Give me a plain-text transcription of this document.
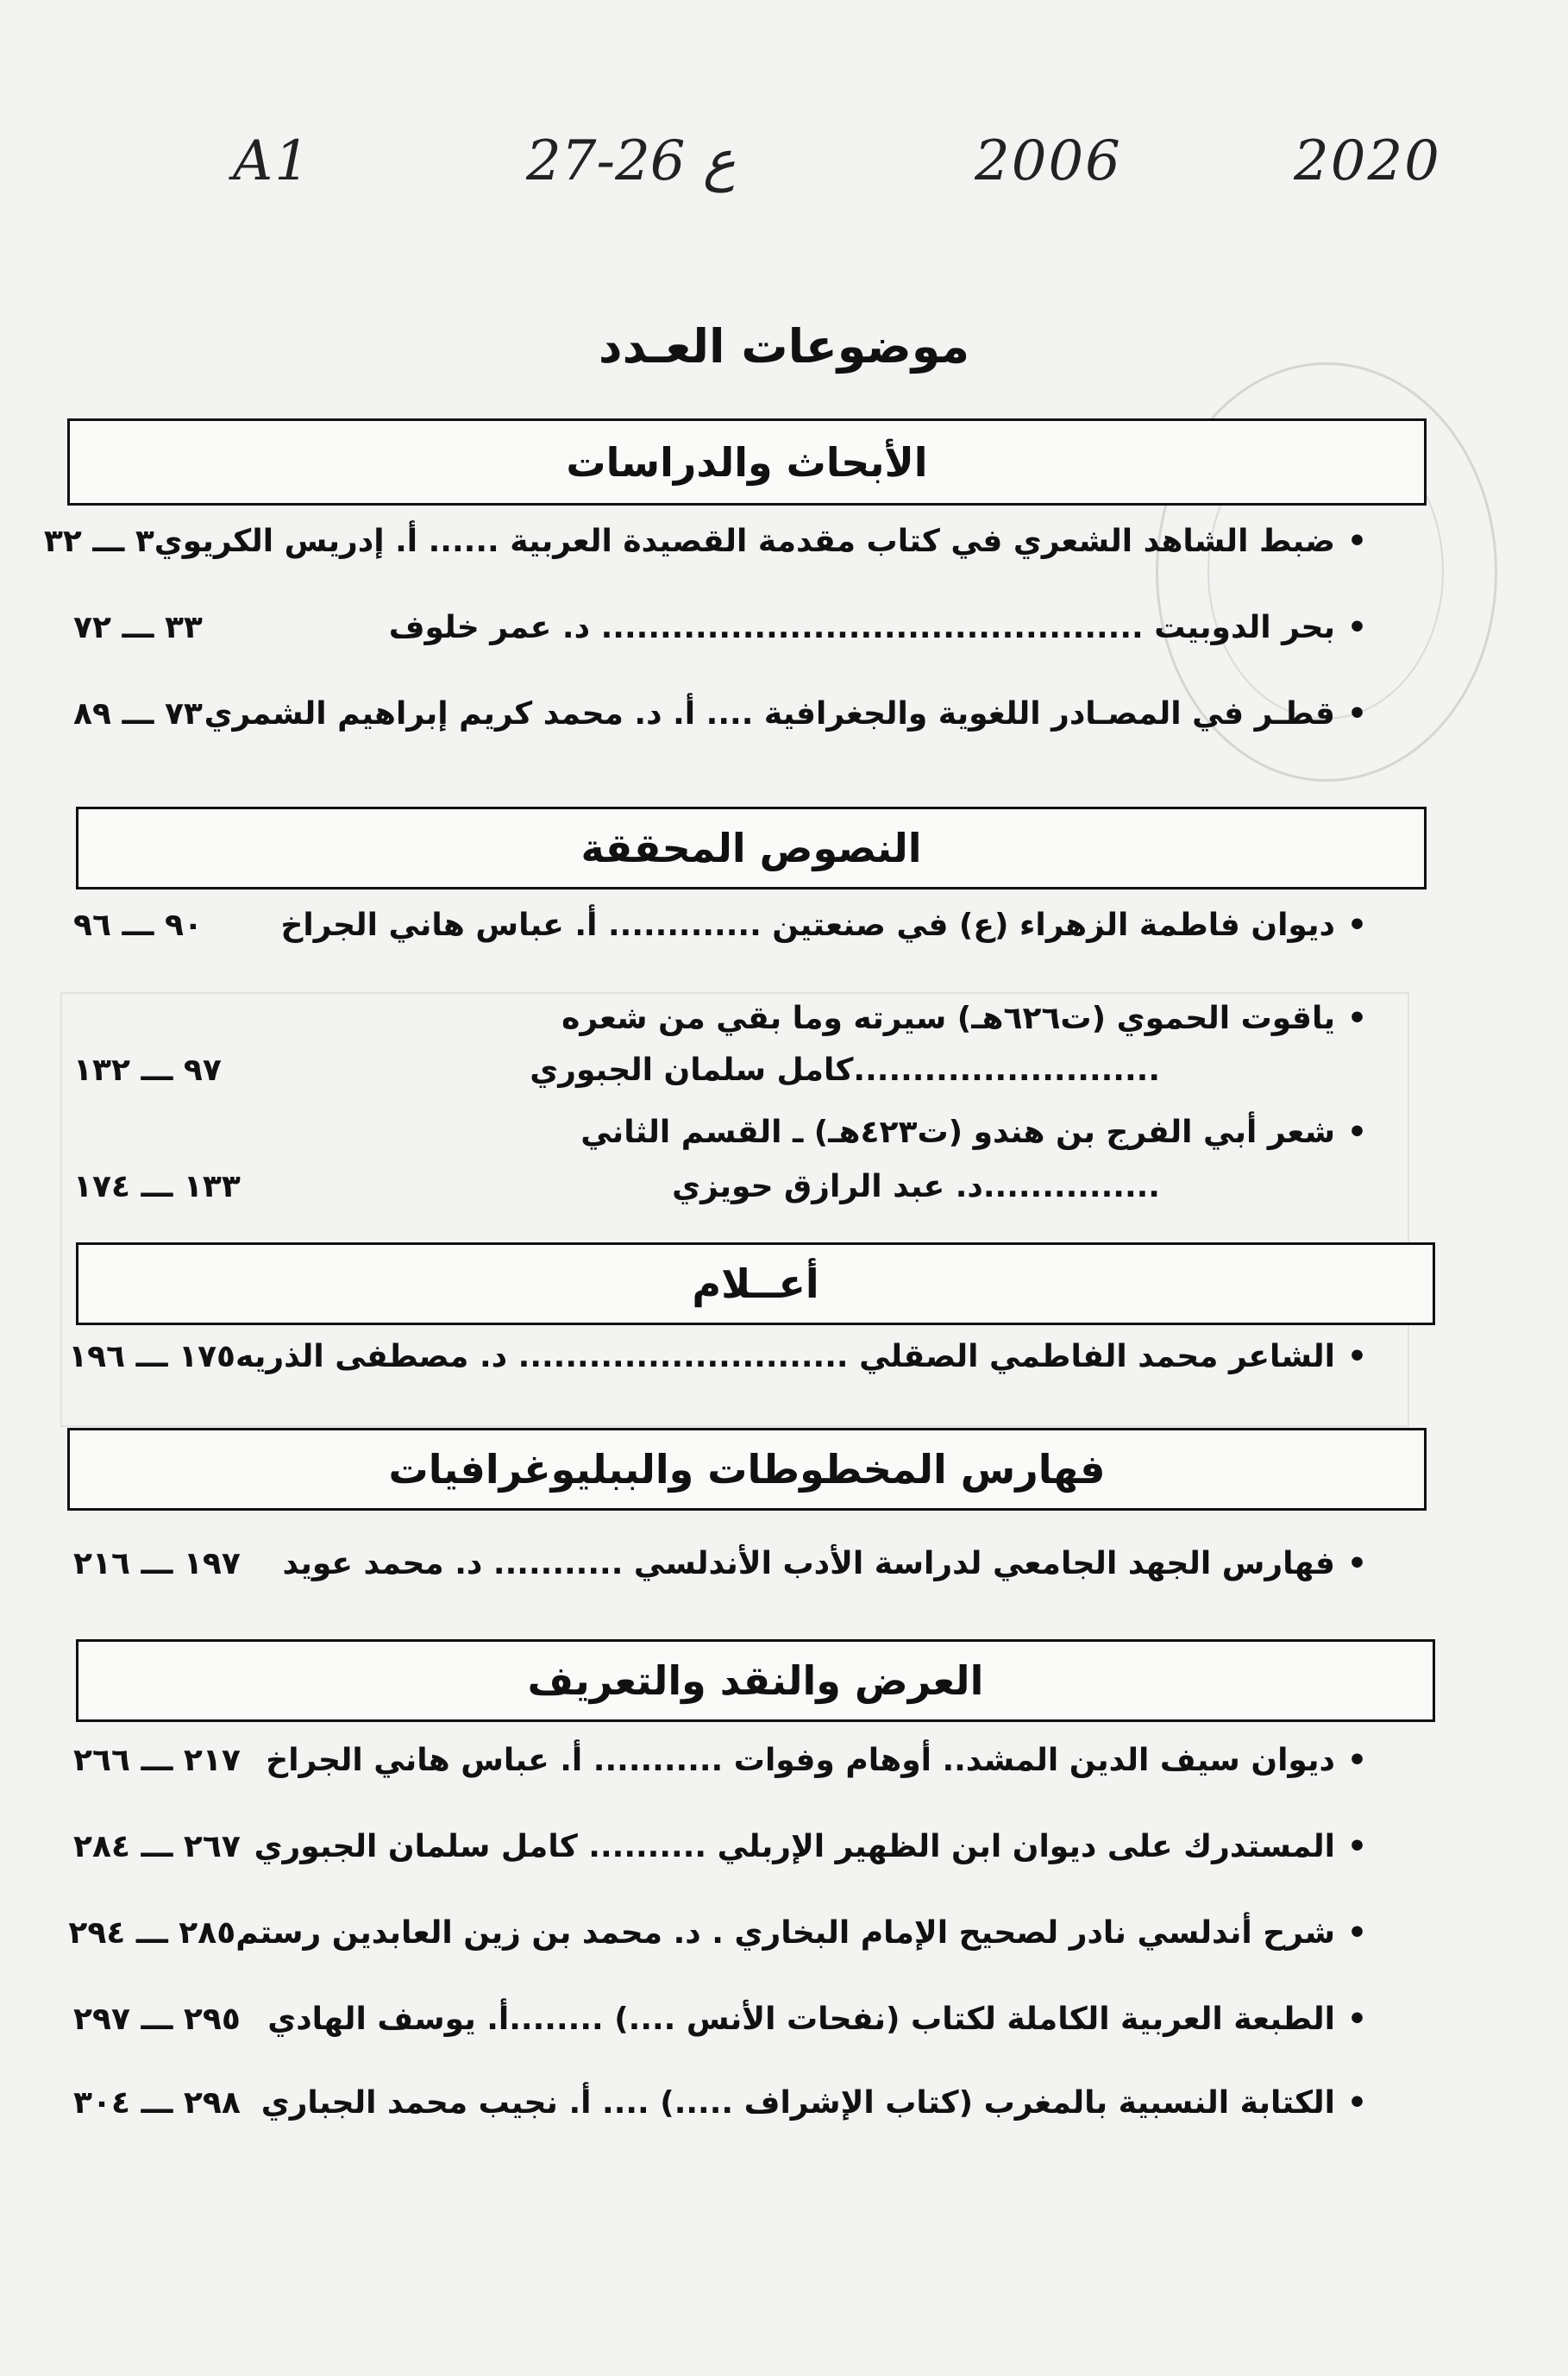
A1	27-26 ع	2006	2020
موضوعات العـدد
الأبحاث والدراسات
•
ضبط الشاهد الشعري في كتاب مقدمة القصيدة العربية ...... أ. إدريس الكريوي
٣ ـــ ٣٢
•
بحر الدوبيت .............................................. د. عمر خلوف
٣٣ ـــ ٧٢
•
قطـر في المصـادر اللغوية والجغرافية .... أ. د. محمد كريم إبراهيم الشمري
٧٣ ـــ ٨٩
النصوص المحققة
•
ديوان فاطمة الزهراء (ع) في صنعتين ............. أ. عباس هاني الجراخ
٩٠ ـــ ٩٦
•
ياقوت الحموي (ت٦٢٦هـ) سيرته وما بقي من شعره
..........................كامل سلمان الجبوري
٩٧ ـــ ١٣٢
•
شعر أبي الفرج بن هندو (ت٤٢٣هـ) ـ القسم الثاني
...............د. عبد الرازق حويزي
١٣٣ ـــ ١٧٤
أعــلام
•
الشاعر محمد الفاطمي الصقلي ............................ د. مصطفى الذريه
١٧٥ ـــ ١٩٦
فهارس المخطوطات والببليوغرافيات
•
فهارس الجهد الجامعي لدراسة الأدب الأندلسي ........... د. محمد عويد
١٩٧ ـــ ٢١٦
العرض والنقد والتعريف
•
ديوان سيف الدين المشد.. أوهام وفوات ........... أ. عباس هاني الجراخ
٢١٧ ـــ ٢٦٦
•
المستدرك على ديوان ابن الظهير الإربلي .......... كامل سلمان الجبوري
٢٦٧ ـــ ٢٨٤
•
شرح أندلسي نادر لصحيح الإمام البخاري . د. محمد بن زين العابدين رستم
٢٨٥ ـــ ٢٩٤
•
الطبعة العربية الكاملة لكتاب (نفحات الأنس ....) ........أ. يوسف الهادي
٢٩٥ ـــ ٢٩٧
•
الكتابة النسبية بالمغرب (كتاب الإشراف .....) .... أ. نجيب محمد الجباري
٢٩٨ ـــ ٣٠٤
